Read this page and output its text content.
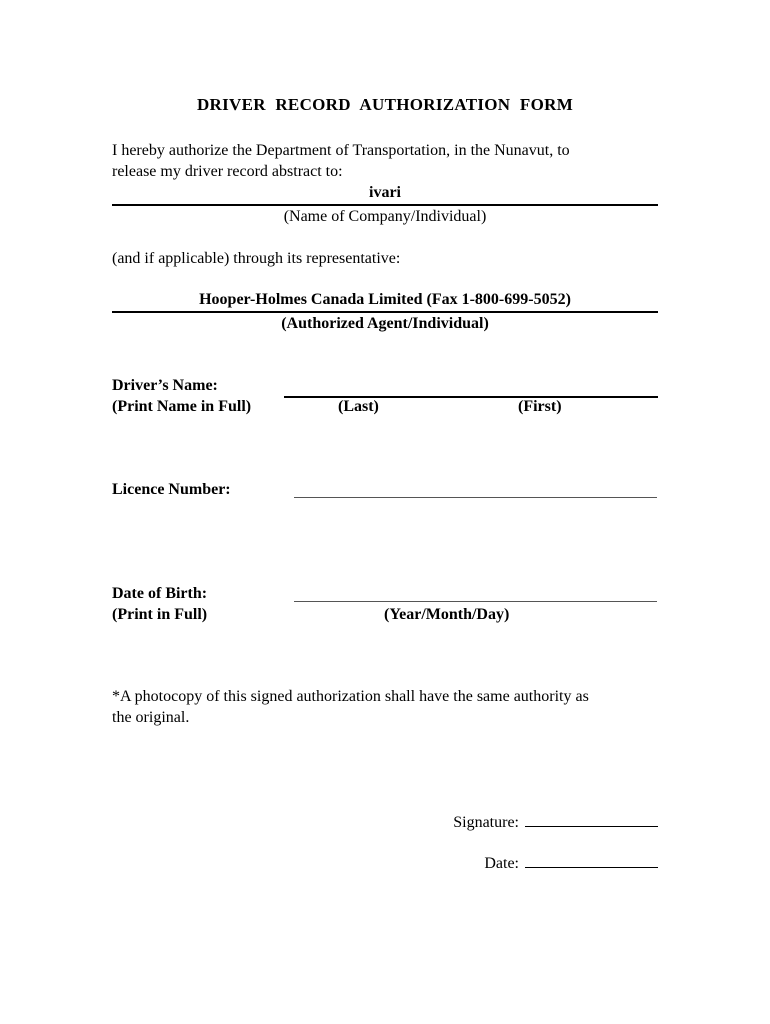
DRIVER RECORD AUTHORIZATION FORM
I hereby authorize the Department of Transportation, in the Nunavut, to
release my driver record abstract to:
ivari
(Name of Company/Individual)
(and if applicable) through its representative:
Hooper-Holmes Canada Limited (Fax 1-800-699-5052)
(Authorized Agent/Individual)
Driver’s Name:
(Print Name in Full)	(Last)	(First)
Licence Number:
Date of Birth:
(Print in Full)	(Year/Month/Day)
*A photocopy of this signed authorization shall have the same authority as
the original.
Signature:
Date:
